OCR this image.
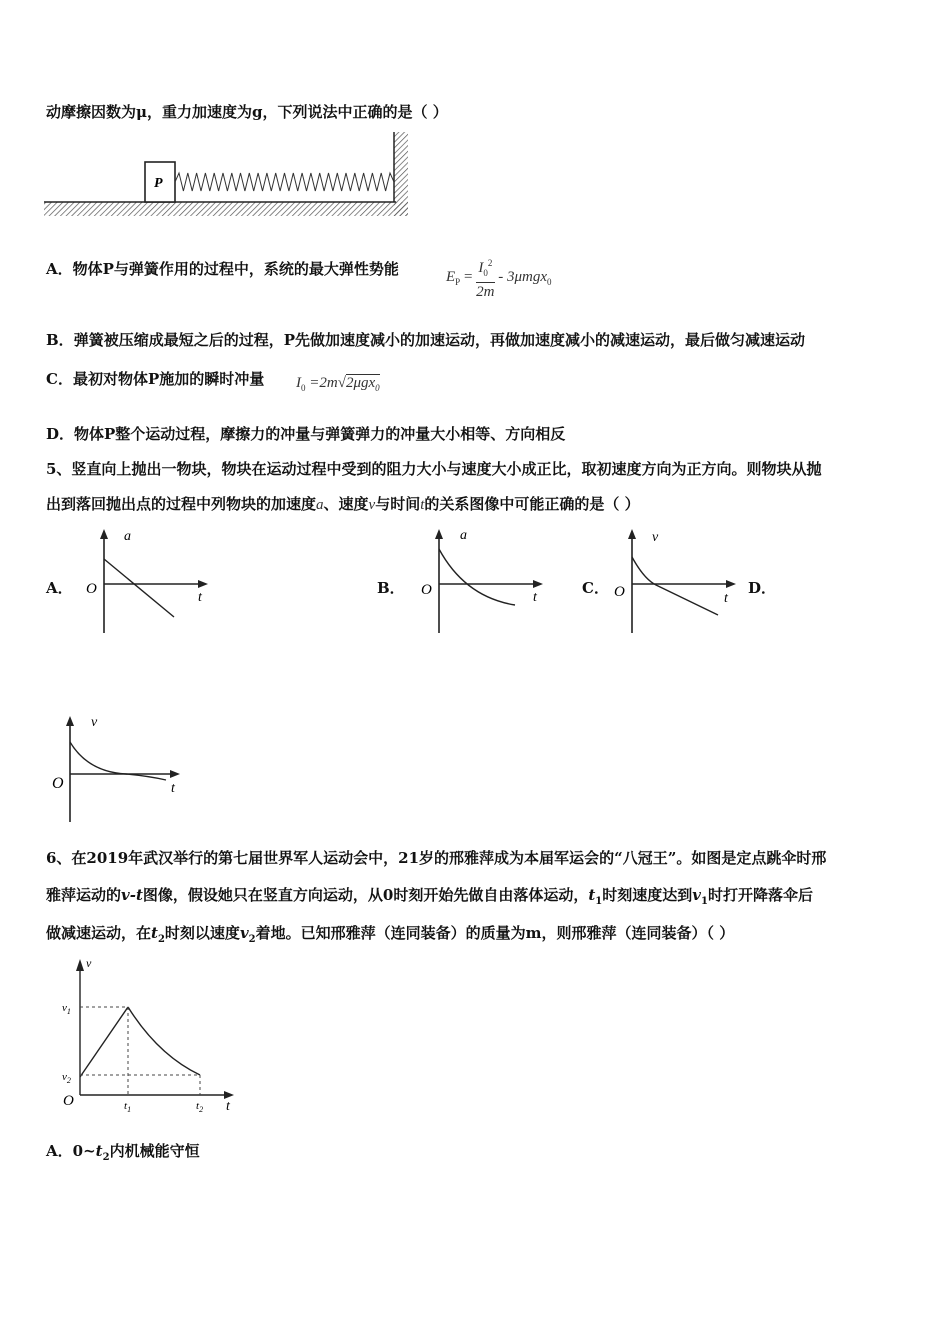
动摩擦因数为μ，重力加速度为g，下列说法中正确的是（ ）
P
A．物体P与弹簧作用的过程中，系统的最大弹性势能	$E_P = \frac{I_0^2}{2m} - 3\mu mgx_0$
B．弹簧被压缩成最短之后的过程，P先做加速度减小的加速运动，再做加速度减小的减速运动，最后做匀减速运动
C．最初对物体P施加的瞬时冲量 $I_0 =2m√2\mu gx_0$
D．物体P整个运动过程，摩擦力的冲量与弹簧弹力的冲量大小相等、方向相反
5、竖直向上抛出一物块，物块在运动过程中受到的阻力大小与速度大小成正比，取初速度方向为正方向。则物块从抛
出到落回抛出点的过程中列物块的加速度a、速度v与时间t的关系图像中可能正确的是（ ）
A．	B．	C．	D．
a
t
O
a
t
O
v
t
O
v
t
O
6、在2019年武汉举行的第七届世界军人运动会中，21岁的邢雅萍成为本届军运会的“八冠王”。如图是定点跳伞时邢
雅萍运动的v-t图像，假设她只在竖直方向运动，从0时刻开始先做自由落体运动，$t_1$时刻速度达到$v_1$时打开降落伞后
做减速运动，在$t_2$时刻以速度$v_2$着地。已知邢雅萍（连同装备）的质量为m，则邢雅萍（连同装备）（ ）
v
t
O
$v_1$
$v_2$
$t_1$	$t_2$
A．$0\sim t_2$内机械能守恒
